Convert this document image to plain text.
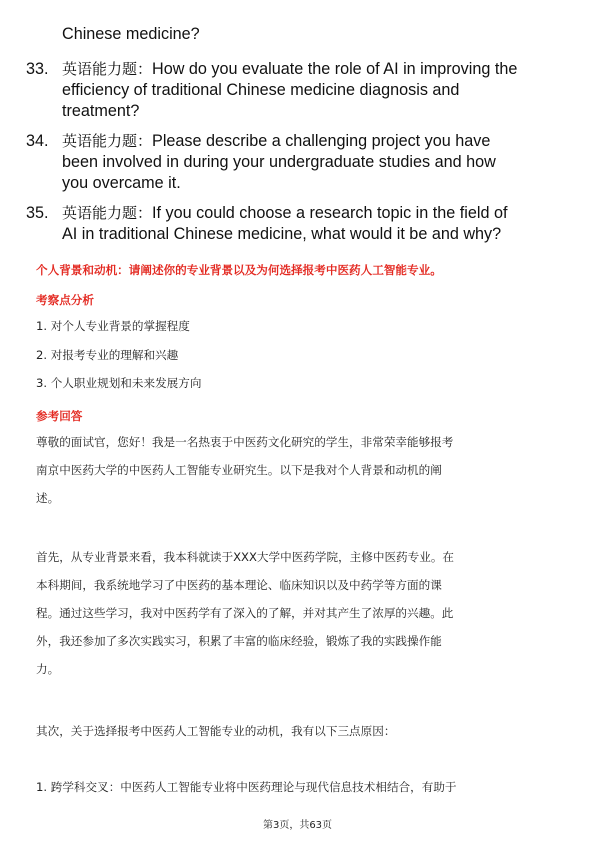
Chinese medicine?
33. 英语能力题：How do you evaluate the role of AI in improving the
efficiency of traditional Chinese medicine diagnosis and
treatment?
34. 英语能力题：Please describe a challenging project you have
been involved in during your undergraduate studies and how
you overcame it.
35. 英语能力题：If you could choose a research topic in the field of
AI in traditional Chinese medicine, what would it be and why?
个人背景和动机：请阐述你的专业背景以及为何选择报考中医药人工智能专业。
考察点分析
1. 对个人专业背景的掌握程度
2. 对报考专业的理解和兴趣
3. 个人职业规划和未来发展方向
参考回答
尊敬的面试官，您好！我是一名热衷于中医药文化研究的学生，非常荣幸能够报考
南京中医药大学的中医药人工智能专业研究生。以下是我对个人背景和动机的阐
述。
首先，从专业背景来看，我本科就读于XXX大学中医药学院，主修中医药专业。在
本科期间，我系统地学习了中医药的基本理论、临床知识以及中药学等方面的课
程。通过这些学习，我对中医药学有了深入的了解，并对其产生了浓厚的兴趣。此
外，我还参加了多次实践实习，积累了丰富的临床经验，锻炼了我的实践操作能
力。
其次，关于选择报考中医药人工智能专业的动机，我有以下三点原因：
1. 跨学科交叉：中医药人工智能专业将中医药理论与现代信息技术相结合，有助于
第3页，共63页
